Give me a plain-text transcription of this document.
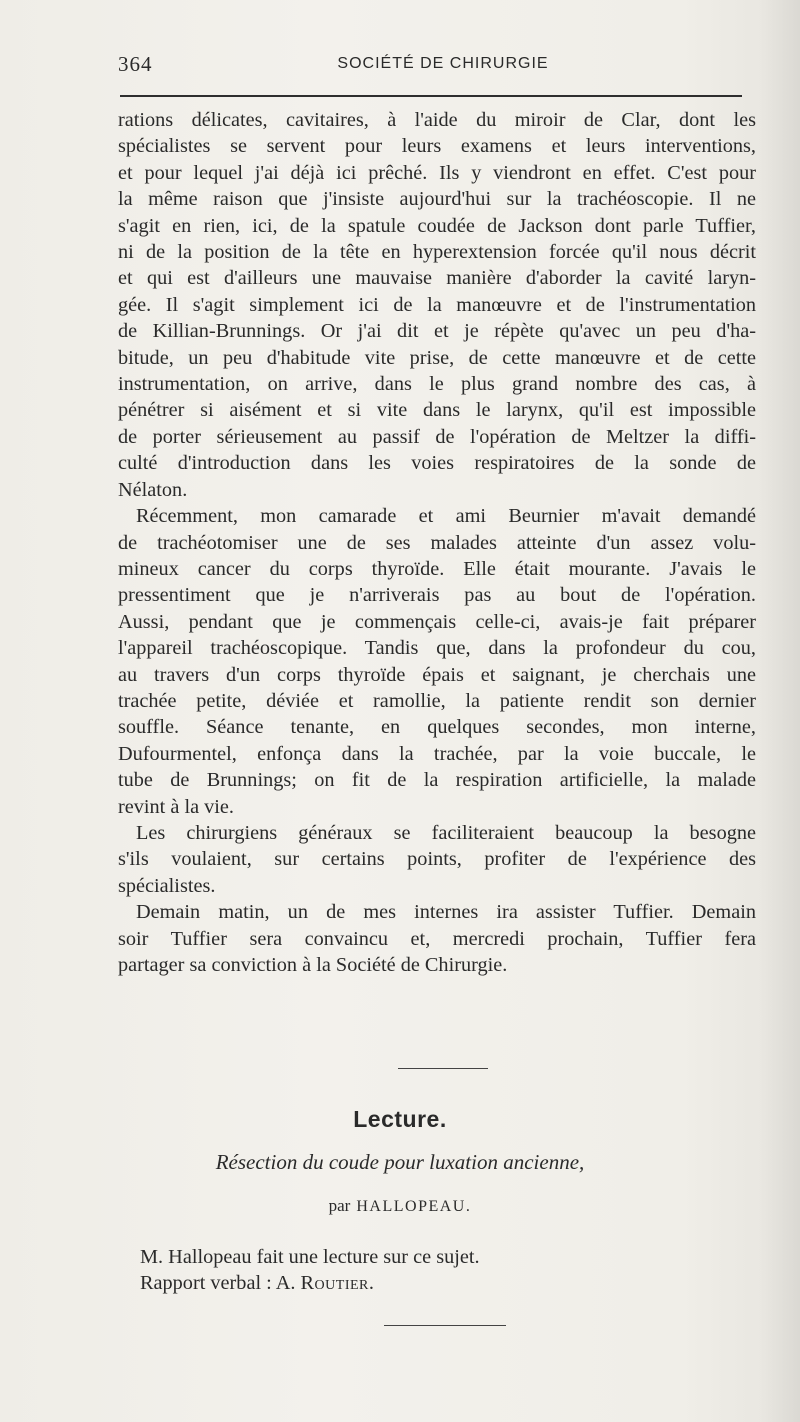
364	SOCIÉTÉ DE CHIRURGIE

rations délicates, cavitaires, à l'aide du miroir de Clar, dont les
spécialistes se servent pour leurs examens et leurs interventions,
et pour lequel j'ai déjà ici prêché. Ils y viendront en effet. C'est pour
la même raison que j'insiste aujourd'hui sur la trachéoscopie. Il ne
s'agit en rien, ici, de la spatule coudée de Jackson dont parle Tuffier,
ni de la position de la tête en hyperextension forcée qu'il nous décrit
et qui est d'ailleurs une mauvaise manière d'aborder la cavité laryn-
gée. Il s'agit simplement ici de la manœuvre et de l'instrumentation
de Killian-Brunnings. Or j'ai dit et je répète qu'avec un peu d'ha-
bitude, un peu d'habitude vite prise, de cette manœuvre et de cette
instrumentation, on arrive, dans le plus grand nombre des cas, à
pénétrer si aisément et si vite dans le larynx, qu'il est impossible
de porter sérieusement au passif de l'opération de Meltzer la diffi-
culté d'introduction dans les voies respiratoires de la sonde de
Nélaton.

Récemment, mon camarade et ami Beurnier m'avait demandé
de trachéotomiser une de ses malades atteinte d'un assez volu-
mineux cancer du corps thyroïde. Elle était mourante. J'avais le
pressentiment que je n'arriverais pas au bout de l'opération.
Aussi, pendant que je commençais celle-ci, avais-je fait préparer
l'appareil trachéoscopique. Tandis que, dans la profondeur du cou,
au travers d'un corps thyroïde épais et saignant, je cherchais une
trachée petite, déviée et ramollie, la patiente rendit son dernier
souffle. Séance tenante, en quelques secondes, mon interne,
Dufourmentel, enfonça dans la trachée, par la voie buccale, le
tube de Brunnings; on fit de la respiration artificielle, la malade
revint à la vie.

Les chirurgiens généraux se faciliteraient beaucoup la besogne
s'ils voulaient, sur certains points, profiter de l'expérience des
spécialistes.

Demain matin, un de mes internes ira assister Tuffier. Demain
soir Tuffier sera convaincu et, mercredi prochain, Tuffier fera
partager sa conviction à la Société de Chirurgie.

Lecture.
Résection du coude pour luxation ancienne,
par HALLOPEAU.
M. Hallopeau fait une lecture sur ce sujet.
Rapport verbal : A. Routier.
